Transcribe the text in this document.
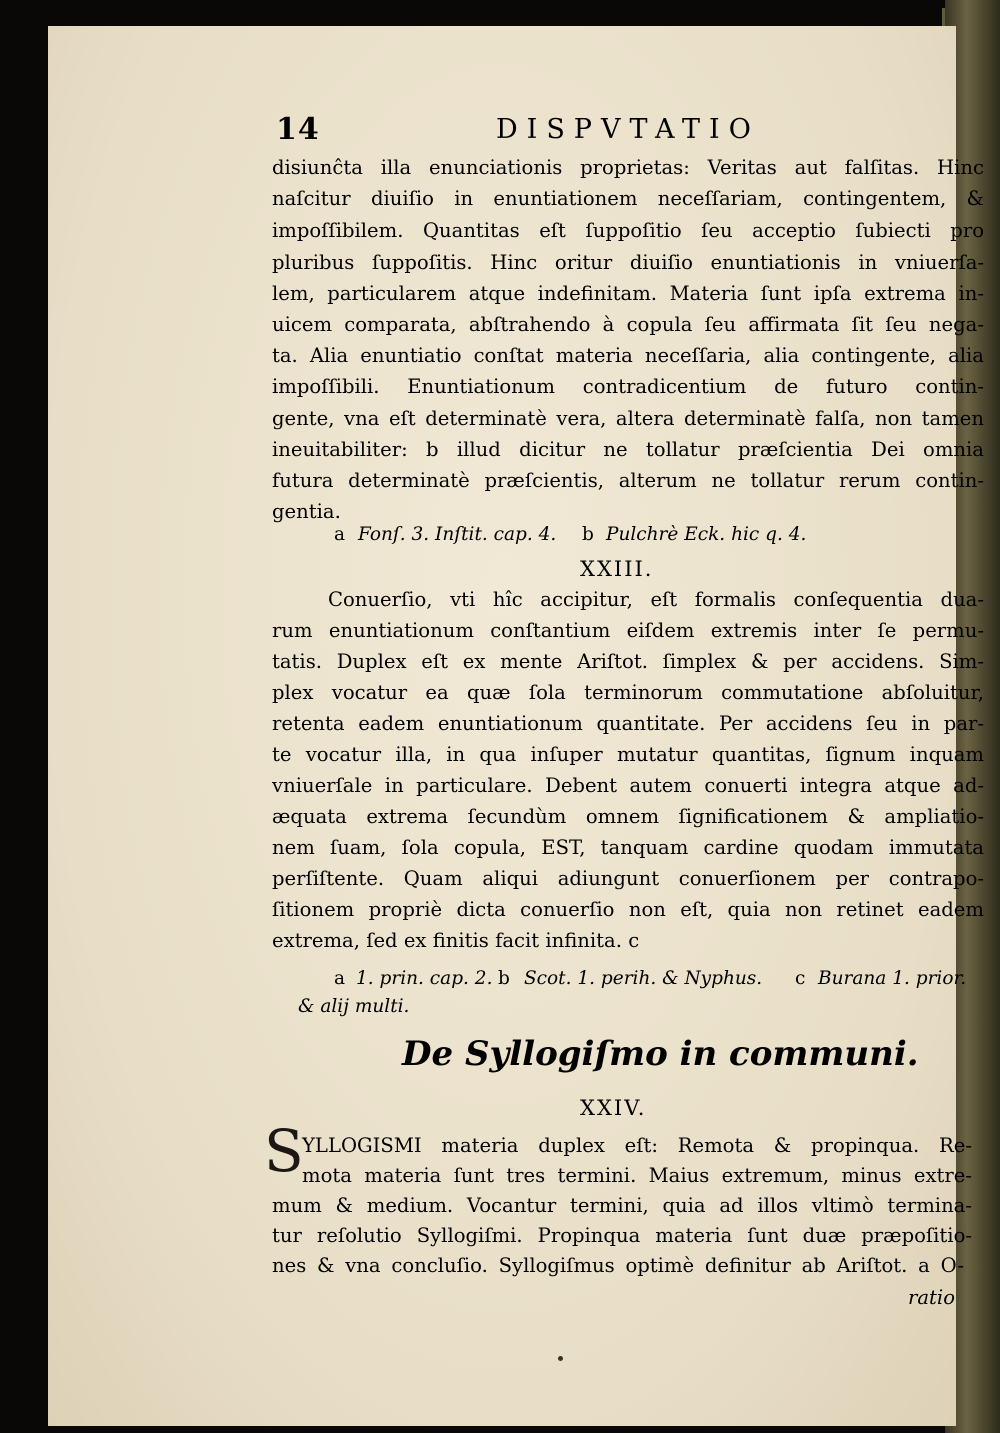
14	DISPVTATIO
disiunĉta illa enunciationis proprietas: Veritas aut falſitas. Hinc
naſcitur diuiſio in enuntiationem neceſſariam, contingentem, &
impoſſibilem. Quantitas eſt ſuppoſitio ſeu acceptio ſubiecti pro
pluribus ſuppoſitis. Hinc oritur diuiſio enuntiationis in vniuerſa-
lem, particularem atque indefinitam. Materia ſunt ipſa extrema in-
uicem comparata, abſtrahendo à copula ſeu affirmata ſit ſeu nega-
ta. Alia enuntiatio conſtat materia neceſſaria, alia contingente, alia
impoſſibili. Enuntiationum contradicentium de futuro contin-
gente, vna eſt determinatè vera, altera determinatè falſa, non tamen
ineuitabiliter: b illud dicitur ne tollatur præſcientia Dei omnia
futura determinatè præſcientis, alterum ne tollatur rerum contin-
gentia.
a Fonſ. 3. Inſtit. cap. 4. b Pulchrè Eck. hic q. 4.
XXIII.
Conuerſio, vti hîc accipitur, eſt formalis conſequentia dua-
rum enuntiationum conſtantium eiſdem extremis inter ſe permu-
tatis. Duplex eſt ex mente Ariſtot. ſimplex & per accidens. Sim-
plex vocatur ea quæ ſola terminorum commutatione abſoluitur,
retenta eadem enuntiationum quantitate. Per accidens ſeu in par-
te vocatur illa, in qua inſuper mutatur quantitas, ſignum inquam
vniuerſale in particulare. Debent autem conuerti integra atque ad-
æquata extrema ſecundùm omnem ſignificationem & ampliatio-
nem ſuam, ſola copula, EST, tanquam cardine quodam immutata
perſiſtente. Quam aliqui adiungunt conuerſionem per contrapo-
ſitionem propriè dicta conuerſio non eſt, quia non retinet eadem
extrema, ſed ex finitis facit infinita. c
a 1. prin. cap. 2. b Scot. 1. perih. & Nyphus. c Burana 1. prior.
& alij multi.
De Syllogiſmo in communi.
XXIV.
S
YLLOGISMI materia duplex eſt: Remota & propinqua. Re-
mota materia ſunt tres termini. Maius extremum, minus extre-
mum & medium. Vocantur termini, quia ad illos vltimò termina-
tur reſolutio Syllogiſmi. Propinqua materia ſunt duæ præpoſitio-
nes & vna concluſio. Syllogiſmus optimè definitur ab Ariſtot. a O-
ratio
